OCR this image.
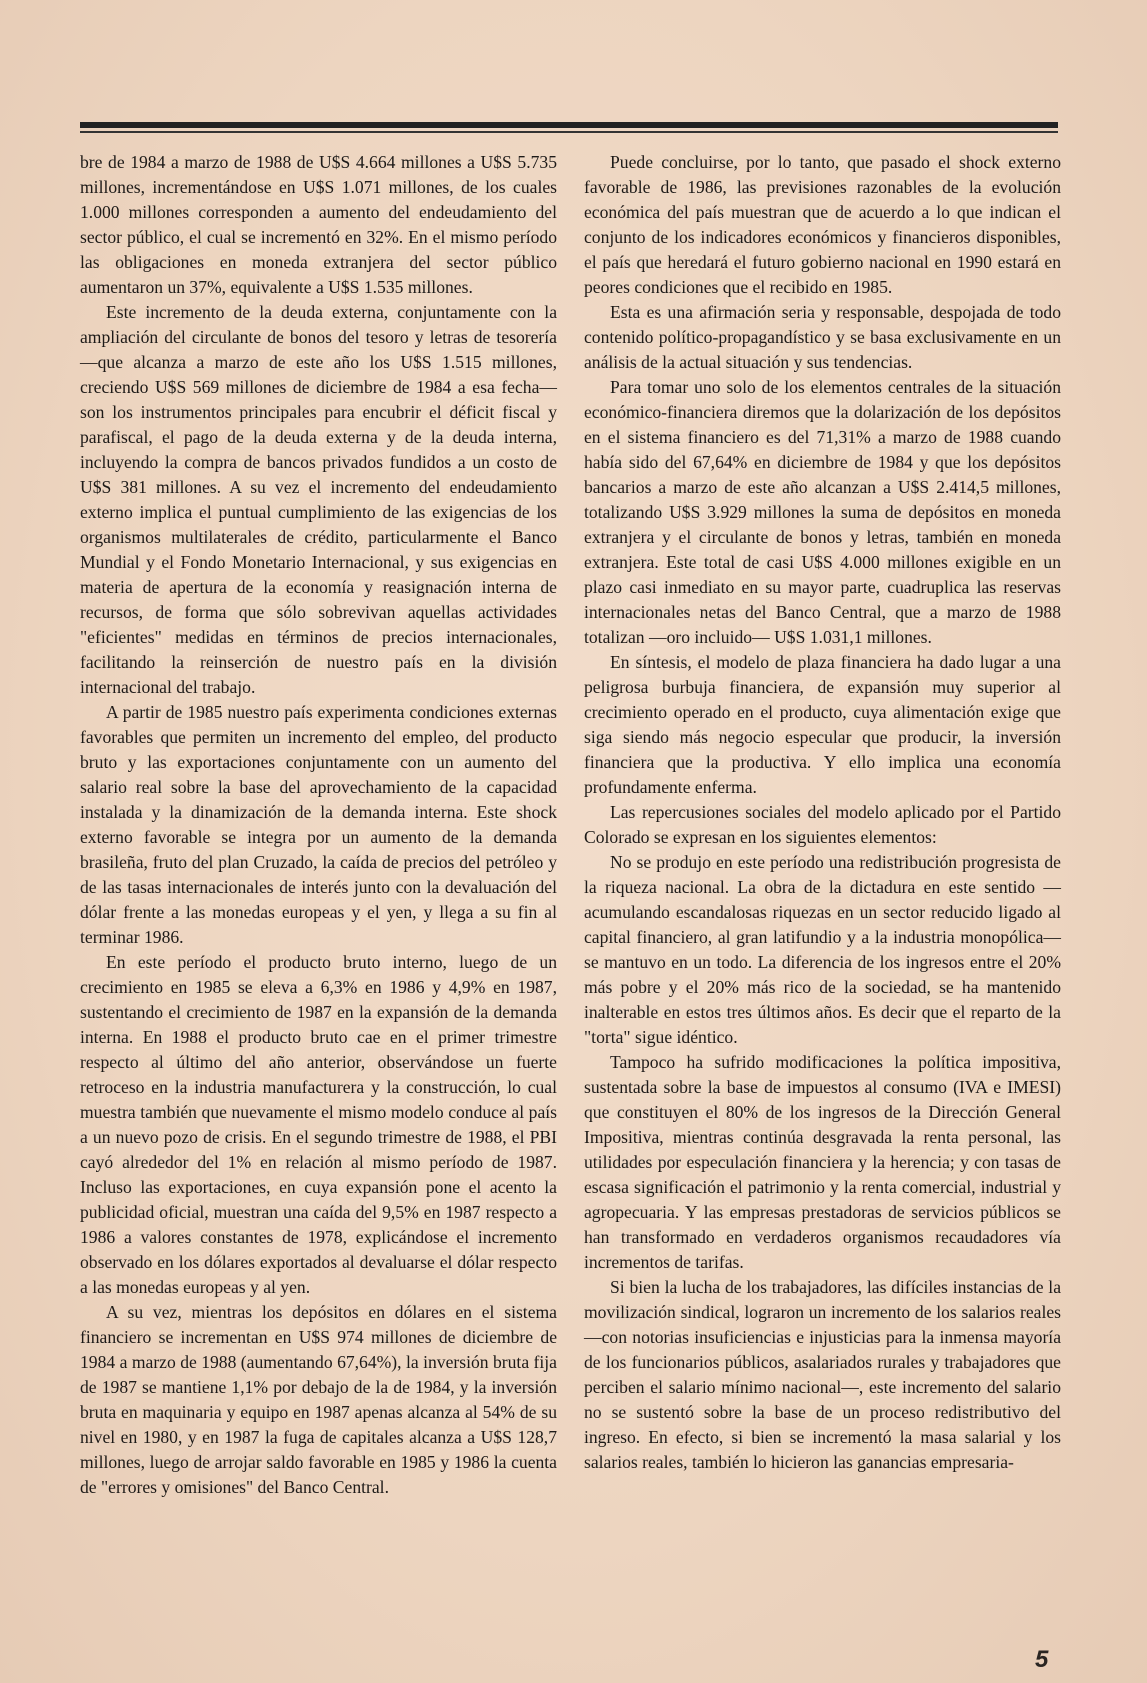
bre de 1984 a marzo de 1988 de U$S 4.664 millones a U$S 5.735 millones, incrementándose en U$S 1.071 millones, de los cuales 1.000 millones corresponden a aumento del endeudamiento del sector público, el cual se incrementó en 32%. En el mismo período las obligaciones en moneda extranjera del sector público aumentaron un 37%, equivalente a U$S 1.535 millones.

Este incremento de la deuda externa, conjuntamente con la ampliación del circulante de bonos del tesoro y letras de tesorería —que alcanza a marzo de este año los U$S 1.515 millones, creciendo U$S 569 millones de diciembre de 1984 a esa fecha— son los instrumentos principales para encubrir el déficit fiscal y parafiscal, el pago de la deuda externa y de la deuda interna, incluyendo la compra de bancos privados fundidos a un costo de U$S 381 millones. A su vez el incremento del endeudamiento externo implica el puntual cumplimiento de las exigencias de los organismos multilaterales de crédito, particularmente el Banco Mundial y el Fondo Monetario Internacional, y sus exigencias en materia de apertura de la economía y reasignación interna de recursos, de forma que sólo sobrevivan aquellas actividades "eficientes" medidas en términos de precios internacionales, facilitando la reinserción de nuestro país en la división internacional del trabajo.

A partir de 1985 nuestro país experimenta condiciones externas favorables que permiten un incremento del empleo, del producto bruto y las exportaciones conjuntamente con un aumento del salario real sobre la base del aprovechamiento de la capacidad instalada y la dinamización de la demanda interna. Este shock externo favorable se integra por un aumento de la demanda brasileña, fruto del plan Cruzado, la caída de precios del petróleo y de las tasas internacionales de interés junto con la devaluación del dólar frente a las monedas europeas y el yen, y llega a su fin al terminar 1986.

En este período el producto bruto interno, luego de un crecimiento en 1985 se eleva a 6,3% en 1986 y 4,9% en 1987, sustentando el crecimiento de 1987 en la expansión de la demanda interna. En 1988 el producto bruto cae en el primer trimestre respecto al último del año anterior, observándose un fuerte retroceso en la industria manufacturera y la construcción, lo cual muestra también que nuevamente el mismo modelo conduce al país a un nuevo pozo de crisis. En el segundo trimestre de 1988, el PBI cayó alrededor del 1% en relación al mismo período de 1987. Incluso las exportaciones, en cuya expansión pone el acento la publicidad oficial, muestran una caída del 9,5% en 1987 respecto a 1986 a valores constantes de 1978, explicándose el incremento observado en los dólares exportados al devaluarse el dólar respecto a las monedas europeas y al yen.

A su vez, mientras los depósitos en dólares en el sistema financiero se incrementan en U$S 974 millones de diciembre de 1984 a marzo de 1988 (aumentando 67,64%), la inversión bruta fija de 1987 se mantiene 1,1% por debajo de la de 1984, y la inversión bruta en maquinaria y equipo en 1987 apenas alcanza al 54% de su nivel en 1980, y en 1987 la fuga de capitales alcanza a U$S 128,7 millones, luego de arrojar saldo favorable en 1985 y 1986 la cuenta de "errores y omisiones" del Banco Central.

Puede concluirse, por lo tanto, que pasado el shock externo favorable de 1986, las previsiones razonables de la evolución económica del país muestran que de acuerdo a lo que indican el conjunto de los indicadores económicos y financieros disponibles, el país que heredará el futuro gobierno nacional en 1990 estará en peores condiciones que el recibido en 1985.

Esta es una afirmación seria y responsable, despojada de todo contenido político-propagandístico y se basa exclusivamente en un análisis de la actual situación y sus tendencias.

Para tomar uno solo de los elementos centrales de la situación económico-financiera diremos que la dolarización de los depósitos en el sistema financiero es del 71,31% a marzo de 1988 cuando había sido del 67,64% en diciembre de 1984 y que los depósitos bancarios a marzo de este año alcanzan a U$S 2.414,5 millones, totalizando U$S 3.929 millones la suma de depósitos en moneda extranjera y el circulante de bonos y letras, también en moneda extranjera. Este total de casi U$S 4.000 millones exigible en un plazo casi inmediato en su mayor parte, cuadruplica las reservas internacionales netas del Banco Central, que a marzo de 1988 totalizan —oro incluido— U$S 1.031,1 millones.

En síntesis, el modelo de plaza financiera ha dado lugar a una peligrosa burbuja financiera, de expansión muy superior al crecimiento operado en el producto, cuya alimentación exige que siga siendo más negocio especular que producir, la inversión financiera que la productiva. Y ello implica una economía profundamente enferma.

Las repercusiones sociales del modelo aplicado por el Partido Colorado se expresan en los siguientes elementos:

No se produjo en este período una redistribución progresista de la riqueza nacional. La obra de la dictadura en este sentido —acumulando escandalosas riquezas en un sector reducido ligado al capital financiero, al gran latifundio y a la industria monopólica— se mantuvo en un todo. La diferencia de los ingresos entre el 20% más pobre y el 20% más rico de la sociedad, se ha mantenido inalterable en estos tres últimos años. Es decir que el reparto de la "torta" sigue idéntico.

Tampoco ha sufrido modificaciones la política impositiva, sustentada sobre la base de impuestos al consumo (IVA e IMESI) que constituyen el 80% de los ingresos de la Dirección General Impositiva, mientras continúa desgravada la renta personal, las utilidades por especulación financiera y la herencia; y con tasas de escasa significación el patrimonio y la renta comercial, industrial y agropecuaria. Y las empresas prestadoras de servicios públicos se han transformado en verdaderos organismos recaudadores vía incrementos de tarifas.

Si bien la lucha de los trabajadores, las difíciles instancias de la movilización sindical, lograron un incremento de los salarios reales —con notorias insuficiencias e injusticias para la inmensa mayoría de los funcionarios públicos, asalariados rurales y trabajadores que perciben el salario mínimo nacional—, este incremento del salario no se sustentó sobre la base de un proceso redistributivo del ingreso. En efecto, si bien se incrementó la masa salarial y los salarios reales, también lo hicieron las ganancias empresaria-

5
